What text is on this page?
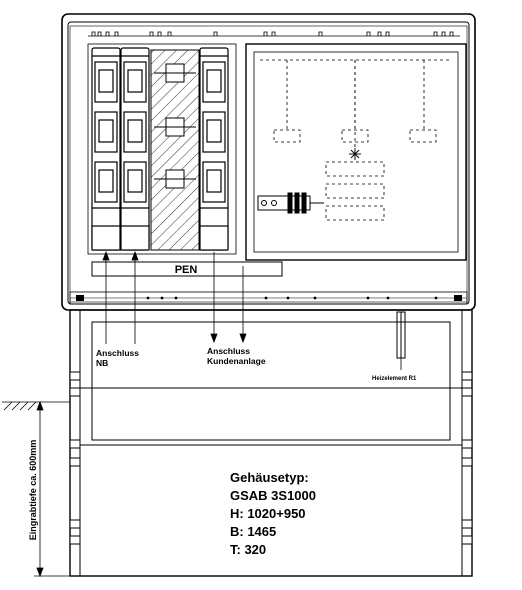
PEN
Anschluss
NB
Anschluss
Kundenanlage
Heizelement R1
Eingrabtiefe ca. 600mm	Gehäusetyp:
GSAB 3S1000
H: 1020+950
B: 1465
T: 320
